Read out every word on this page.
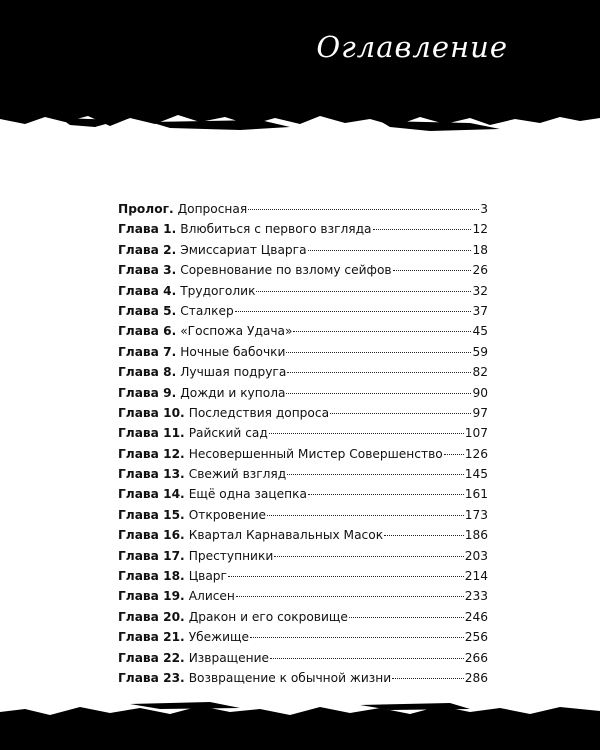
Оглавление
Пролог. Допросная	3
Глава 1. Влюбиться с первого взгляда	12
Глава 2. Эмиссариат Цварга	18
Глава 3. Соревнование по взлому сейфов	26
Глава 4. Трудоголик	32
Глава 5. Сталкер	37
Глава 6. «Госпожа Удача»	45
Глава 7. Ночные бабочки	59
Глава 8. Лучшая подруга	82
Глава 9. Дожди и купола	90
Глава 10. Последствия допроса	97
Глава 11. Райский сад	107
Глава 12. Несовершенный Мистер Совершенство 126
Глава 13. Свежий взгляд	145
Глава 14. Ещё одна зацепка	161
Глава 15. Откровение	173
Глава 16. Квартал Карнавальных Масок	186
Глава 17. Преступники	203
Глава 18. Цварг	214
Глава 19. Алисен	233
Глава 20. Дракон и его сокровище	246
Глава 21. Убежище	256
Глава 22. Извращение	266
Глава 23. Возвращение к обычной жизни	286
